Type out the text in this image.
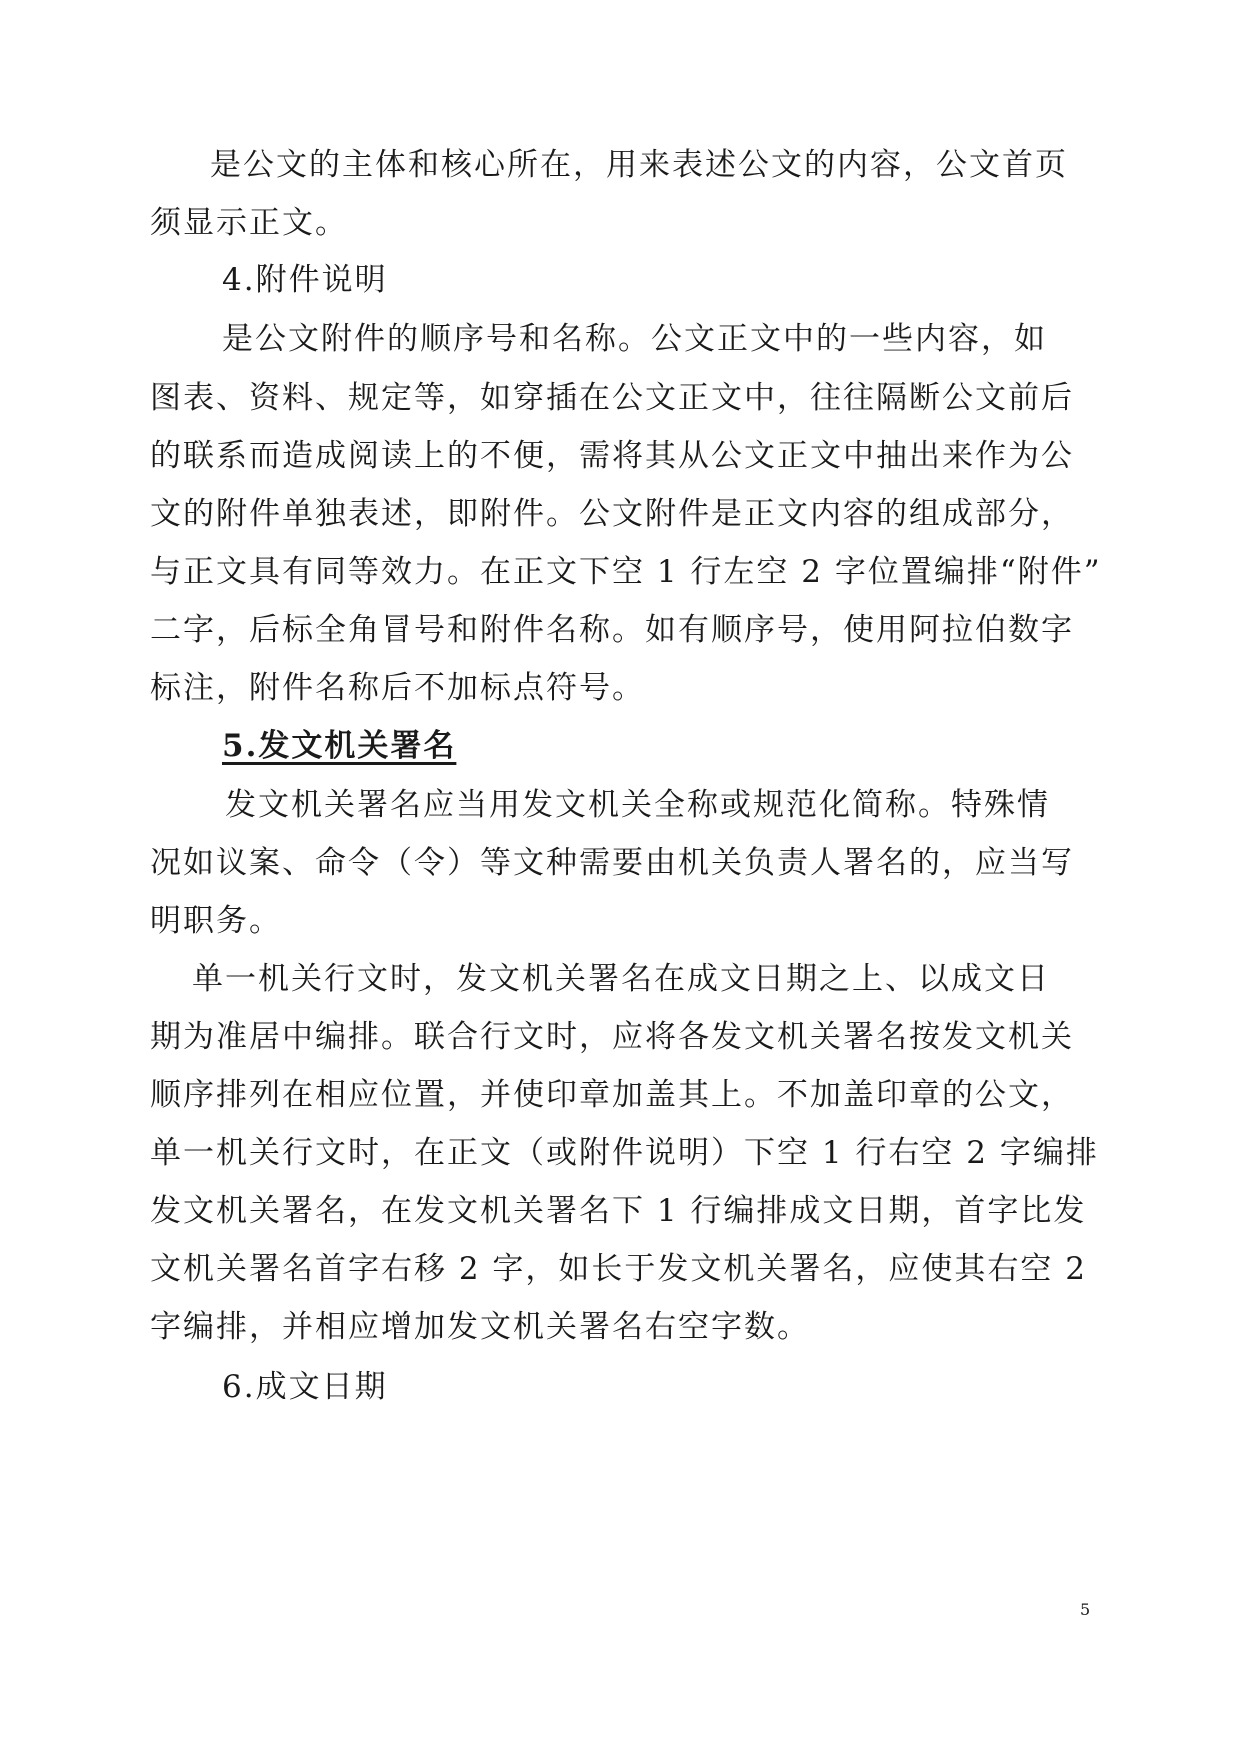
是公文的主体和核心所在，用来表述公文的内容，公文首页
须显示正文。
4.附件说明
是公文附件的顺序号和名称。公文正文中的一些内容，如
图表、资料、规定等，如穿插在公文正文中，往往隔断公文前后
的联系而造成阅读上的不便，需将其从公文正文中抽出来作为公
文的附件单独表述，即附件。公文附件是正文内容的组成部分，
与正文具有同等效力。在正文下空 1 行左空 2 字位置编排“附件”
二字，后标全角冒号和附件名称。如有顺序号，使用阿拉伯数字
标注，附件名称后不加标点符号。
5.发文机关署名
发文机关署名应当用发文机关全称或规范化简称。特殊情
况如议案、命令（令）等文种需要由机关负责人署名的，应当写
明职务。
单一机关行文时，发文机关署名在成文日期之上、以成文日
期为准居中编排。联合行文时，应将各发文机关署名按发文机关
顺序排列在相应位置，并使印章加盖其上。不加盖印章的公文，
单一机关行文时，在正文（或附件说明）下空 1 行右空 2 字编排
发文机关署名，在发文机关署名下 1 行编排成文日期，首字比发
文机关署名首字右移 2 字，如长于发文机关署名，应使其右空 2
字编排，并相应增加发文机关署名右空字数。
6.成文日期
5
